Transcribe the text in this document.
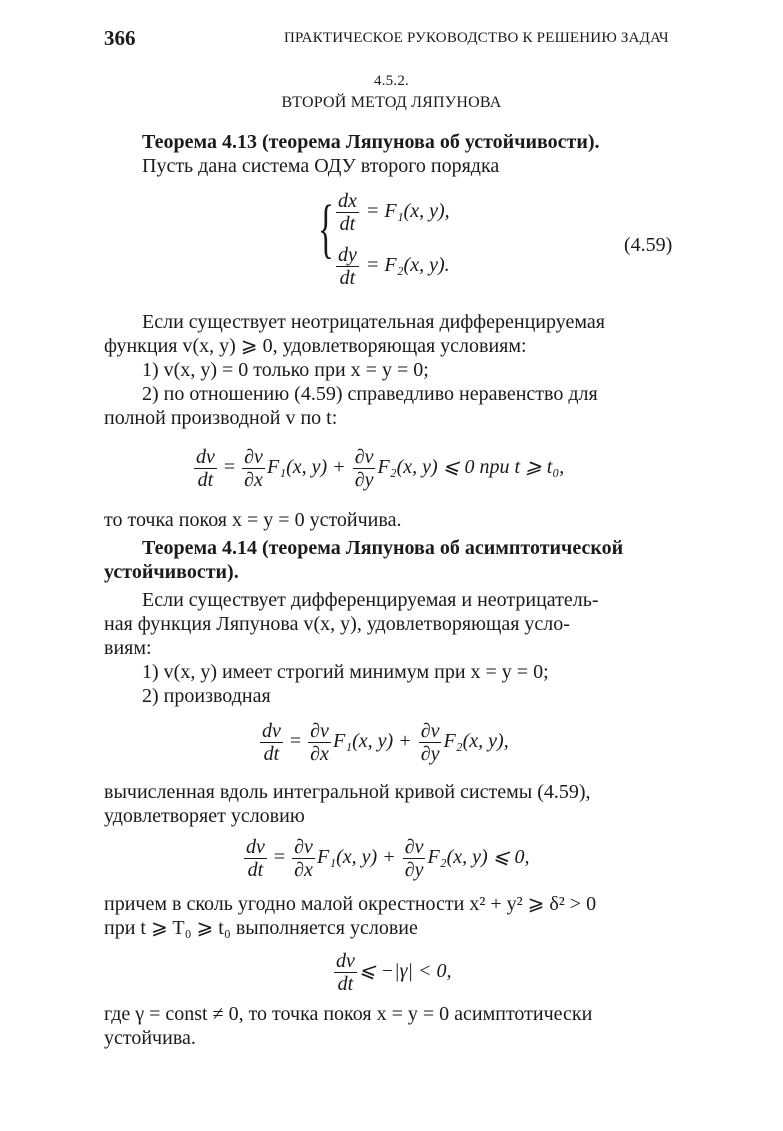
366	ПРАКТИЧЕСКОЕ РУКОВОДСТВО К РЕШЕНИЮ ЗАДАЧ
4.5.2.
ВТОРОЙ МЕТОД ЛЯПУНОВА
Теорема 4.13 (теорема Ляпунова об устойчивости).
Пусть дана система ОДУ второго порядка
{ $\frac{dx}{dt} = F_1(x$, y),
$\frac{dy}{dt} = F_2(x$, y).
(4.59)
Если существует неотрицательная дифференцируемая
функция v(x, y) ⩾ 0, удовлетворяющая условиям:
1) v(x, y) = 0 только при x = y = 0;
2) по отношению (4.59) справедливо неравенство для
полной производной v по t:
$\frac{dv}{dt} = \frac{\partial v}{\partial x} F_1(x$, $y) + \frac{\partial v}{\partial y} F_2(x$, y) ⩽ 0 при t ⩾ t₀,
то точка покоя x = y = 0 устойчива.
Теорема 4.14 (теорема Ляпунова об асимптотической
устойчивости).
Если существует дифференцируемая и неотрицатель-
ная функция Ляпунова v(x, y), удовлетворяющая усло-
виям:
1) v(x, y) имеет строгий минимум при x = y = 0;
2) производная
$\frac{dv}{dt} = \frac{\partial v}{\partial x} F_1(x$, $y) + \frac{\partial v}{\partial y} F_2(x$, y),
вычисленная вдоль интегральной кривой системы (4.59),
удовлетворяет условию
$\frac{dv}{dt} = \frac{\partial v}{\partial x} F_1(x$, $y) + \frac{\partial v}{\partial y} F_2(x$, y) ⩽ 0,
причем в сколь угодно малой окрестности x² + y² ⩾ δ² > 0
при t ⩾ T₀ ⩾ t₀ выполняется условие
$\frac{dv}{dt}$ ⩽ −|γ| < 0,
где γ = const ≠ 0, то точка покоя x = y = 0 асимптотически
устойчива.
